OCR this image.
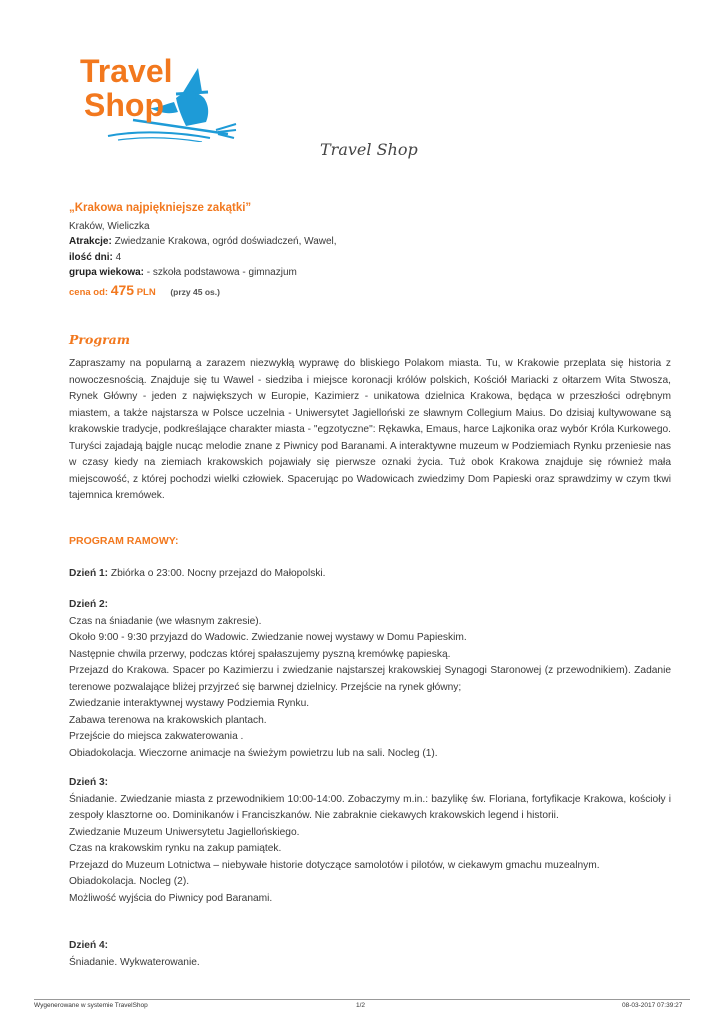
Travel
Shop
Travel Shop
„Krakowa najpiękniejsze zakątki”
Kraków, Wieliczka
Atrakcje: Zwiedzanie Krakowa, ogród doświadczeń, Wawel,
ilość dni: 4
grupa wiekowa: - szkoła podstawowa - gimnazjum
cena od: 475 PLN (przy 45 os.)
Program

Zapraszamy na popularną a zarazem niezwykłą wyprawę do bliskiego Polakom miasta. Tu, w Krakowie przeplata się historia z nowoczesnością. Znajduje się tu Wawel - siedziba i miejsce koronacji królów polskich, Kościół Mariacki z ołtarzem Wita Stwosza, Rynek Główny - jeden z największych w Europie, Kazimierz - unikatowa dzielnica Krakowa, będąca w przeszłości odrębnym miastem, a także najstarsza w Polsce uczelnia - Uniwersytet Jagielloński ze sławnym Collegium Maius. Do dzisiaj kultywowane są krakowskie tradycje, podkreślające charakter miasta - "egzotyczne": Rękawka, Emaus, harce Lajkonika oraz wybór Króla Kurkowego. Turyści zajadają bajgle nucąc melodie znane z Piwnicy pod Baranami. A interaktywne muzeum w Podziemiach Rynku przeniesie nas w czasy kiedy na ziemiach krakowskich pojawiały się pierwsze oznaki życia. Tuż obok Krakowa znajduje się również mała miejscowość, z której pochodzi wielki człowiek. Spacerując po Wadowicach zwiedzimy Dom Papieski oraz sprawdzimy w czym tkwi tajemnica kremówek.

PROGRAM RAMOWY:
Dzień 1: Zbiórka o 23:00. Nocny przejazd do Małopolski.
Dzień 2:
Czas na śniadanie (we własnym zakresie).
Około 9:00 - 9:30 przyjazd do Wadowic. Zwiedzanie nowej wystawy w Domu Papieskim.
Następnie chwila przerwy, podczas której spałaszujemy pyszną kremówkę papieską.
Przejazd do Krakowa. Spacer po Kazimierzu i zwiedzanie najstarszej krakowskiej Synagogi Staronowej (z przewodnikiem). Zadanie terenowe pozwalające bliżej przyjrzeć się barwnej dzielnicy. Przejście na rynek główny;
Zwiedzanie interaktywnej wystawy Podziemia Rynku.
Zabawa terenowa na krakowskich plantach.
Przejście do miejsca zakwaterowania .
Obiadokolacja. Wieczorne animacje na świeżym powietrzu lub na sali. Nocleg (1).
Dzień 3:
Śniadanie. Zwiedzanie miasta z przewodnikiem 10:00-14:00. Zobaczymy m.in.: bazylikę św. Floriana, fortyfikacje Krakowa, kościoły i zespoły klasztorne oo. Dominikanów i Franciszkanów. Nie zabraknie ciekawych krakowskich legend i historii.
Zwiedzanie Muzeum Uniwersytetu Jagiellońskiego.
Czas na krakowskim rynku na zakup pamiątek.
Przejazd do Muzeum Lotnictwa – niebywałe historie dotyczące samolotów i pilotów, w ciekawym gmachu muzealnym.
Obiadokolacja. Nocleg (2).
Możliwość wyjścia do Piwnicy pod Baranami.
Dzień 4:
Śniadanie. Wykwaterowanie.
Wygenerowane w systemie TravelShop	1/2	08-03-2017 07:39:27
